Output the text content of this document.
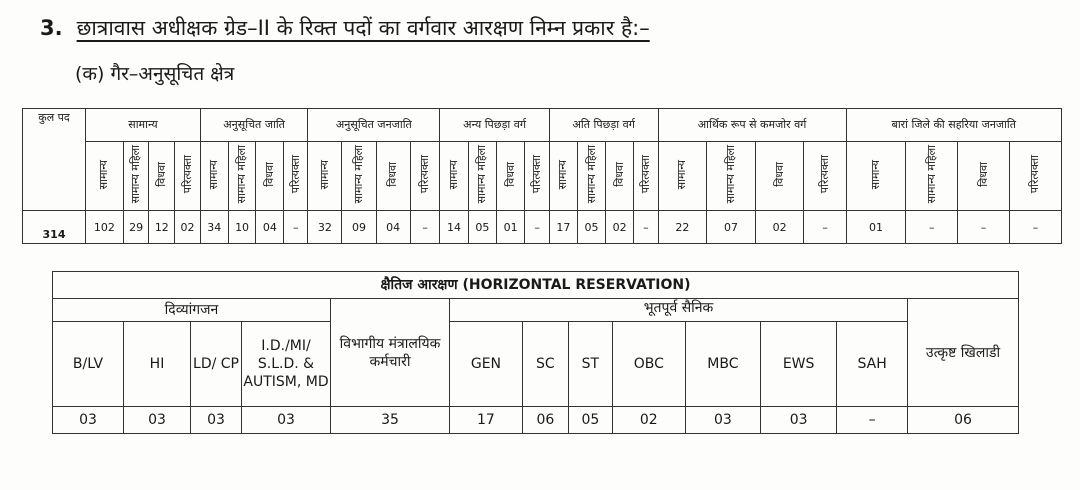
3. छात्रावास अधीक्षक ग्रेड–II के रिक्त पदों का वर्गवार आरक्षण निम्न प्रकार है:–
(क) गैर–अनुसूचित क्षेत्र
कुल पद	सामान्य				अनुसूचित जाति				अनुसूचित जनजाति				अन्य पिछड़ा वर्ग				अति पिछड़ा वर्ग				आर्थिक रूप से कमजोर वर्ग				बारां जिले की सहरिया जनजाति			
	सामान्य	सामान्य महिला	विधवा	परित्यक्ता	सामान्य	सामान्य महिला	विधवा	परित्यक्ता	सामान्य	सामान्य महिला	विधवा	परित्यक्ता	सामान्य	सामान्य महिला	विधवा	परित्यक्ता	सामान्य	सामान्य महिला	विधवा	परित्यक्ता	सामान्य	सामान्य महिला	विधवा	परित्यक्ता	सामान्य	सामान्य महिला	विधवा	परित्यक्ता
314	102	29	12	02	34	10	04	–	32	09	04	–	14	05	01	–	17	05	02	–	22	07	02	–	01	–	–	–
क्षैतिज आरक्षण (HORIZONTAL RESERVATION)												
दिव्यांगजन				विभागीय मंत्रालयिक कर्मचारी	भूतपूर्व सैनिक							उत्कृष्ट खिलाडी
B/LV	HI	LD/ CP	I.D./MI/ S.L.D. & AUTISM, MD		GEN	SC	ST	OBC	MBC	EWS	SAH	
03	03	03	03	35	17	06	05	02	03	03	–	06
